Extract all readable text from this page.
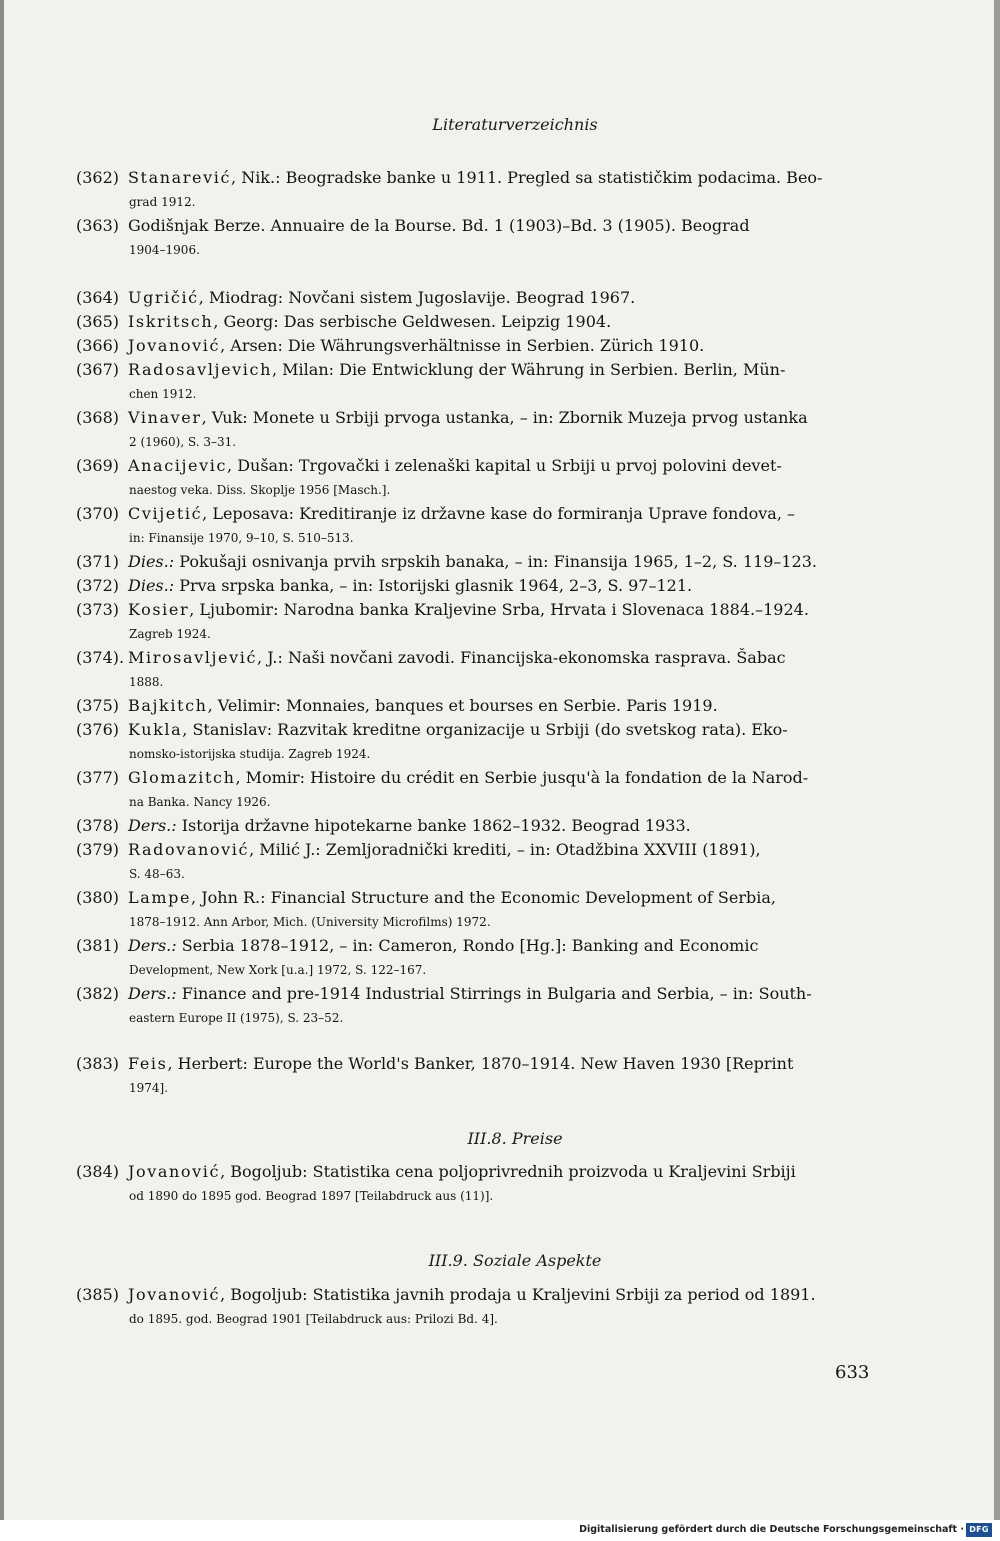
Literaturverzeichnis
(362) Stanarević, Nik.: Beogradske banke u 1911. Pregled sa statističkim podacima. Beo-
grad 1912.
(363) Godišnjak Berze. Annuaire de la Bourse. Bd. 1 (1903)–Bd. 3 (1905). Beograd
1904–1906.
(364) Ugričić, Miodrag: Novčani sistem Jugoslavije. Beograd 1967.
(365) Iskritsch, Georg: Das serbische Geldwesen. Leipzig 1904.
(366) Jovanović, Arsen: Die Währungsverhältnisse in Serbien. Zürich 1910.
(367) Radosavljevich, Milan: Die Entwicklung der Währung in Serbien. Berlin, Mün-
chen 1912.
(368) Vinaver, Vuk: Monete u Srbiji prvoga ustanka, – in: Zbornik Muzeja prvog ustanka
2 (1960), S. 3–31.
(369) Anacijevic, Dušan: Trgovački i zelenaški kapital u Srbiji u prvoj polovini devet-
naestog veka. Diss. Skoplje 1956 [Masch.].
(370) Cvijetić, Leposava: Kreditiranje iz državne kase do formiranja Uprave fondova, –
in: Finansije 1970, 9–10, S. 510–513.
(371) Dies.: Pokušaji osnivanja prvih srpskih banaka, – in: Finansija 1965, 1–2, S. 119–123.
(372) Dies.: Prva srpska banka, – in: Istorijski glasnik 1964, 2–3, S. 97–121.
(373) Kosier, Ljubomir: Narodna banka Kraljevine Srba, Hrvata i Slovenaca 1884.–1924.
Zagreb 1924.
(374). Mirosavljević, J.: Naši novčani zavodi. Financijska-ekonomska rasprava. Šabac
1888.
(375) Bajkitch, Velimir: Monnaies, banques et bourses en Serbie. Paris 1919.
(376) Kukla, Stanislav: Razvitak kreditne organizacije u Srbiji (do svetskog rata). Eko-
nomsko-istorijska studija. Zagreb 1924.
(377) Glomazitch, Momir: Histoire du crédit en Serbie jusqu'à la fondation de la Narod-
na Banka. Nancy 1926.
(378) Ders.: Istorija državne hipotekarne banke 1862–1932. Beograd 1933.
(379) Radovanović, Milić J.: Zemljoradnički krediti, – in: Otadžbina XXVIII (1891),
S. 48–63.
(380) Lampe, John R.: Financial Structure and the Economic Development of Serbia,
1878–1912. Ann Arbor, Mich. (University Microfilms) 1972.
(381) Ders.: Serbia 1878–1912, – in: Cameron, Rondo [Hg.]: Banking and Economic
Development, New Xork [u.a.] 1972, S. 122–167.
(382) Ders.: Finance and pre-1914 Industrial Stirrings in Bulgaria and Serbia, – in: South-
eastern Europe II (1975), S. 23–52.
(383) Feis, Herbert: Europe the World's Banker, 1870–1914. New Haven 1930 [Reprint
1974].
(384) Jovanović, Bogoljub: Statistika cena poljoprivrednih proizvoda u Kraljevini Srbiji
od 1890 do 1895 god. Beograd 1897 [Teilabdruck aus (11)].
(385) Jovanović, Bogoljub: Statistika javnih prodaja u Kraljevini Srbiji za period od 1891.
do 1895. god. Beograd 1901 [Teilabdruck aus: Prilozi Bd. 4].
III.8. Preise
III.9. Soziale Aspekte
633
Digitalisierung gefördert durch die Deutsche Forschungsgemeinschaft · DFG
